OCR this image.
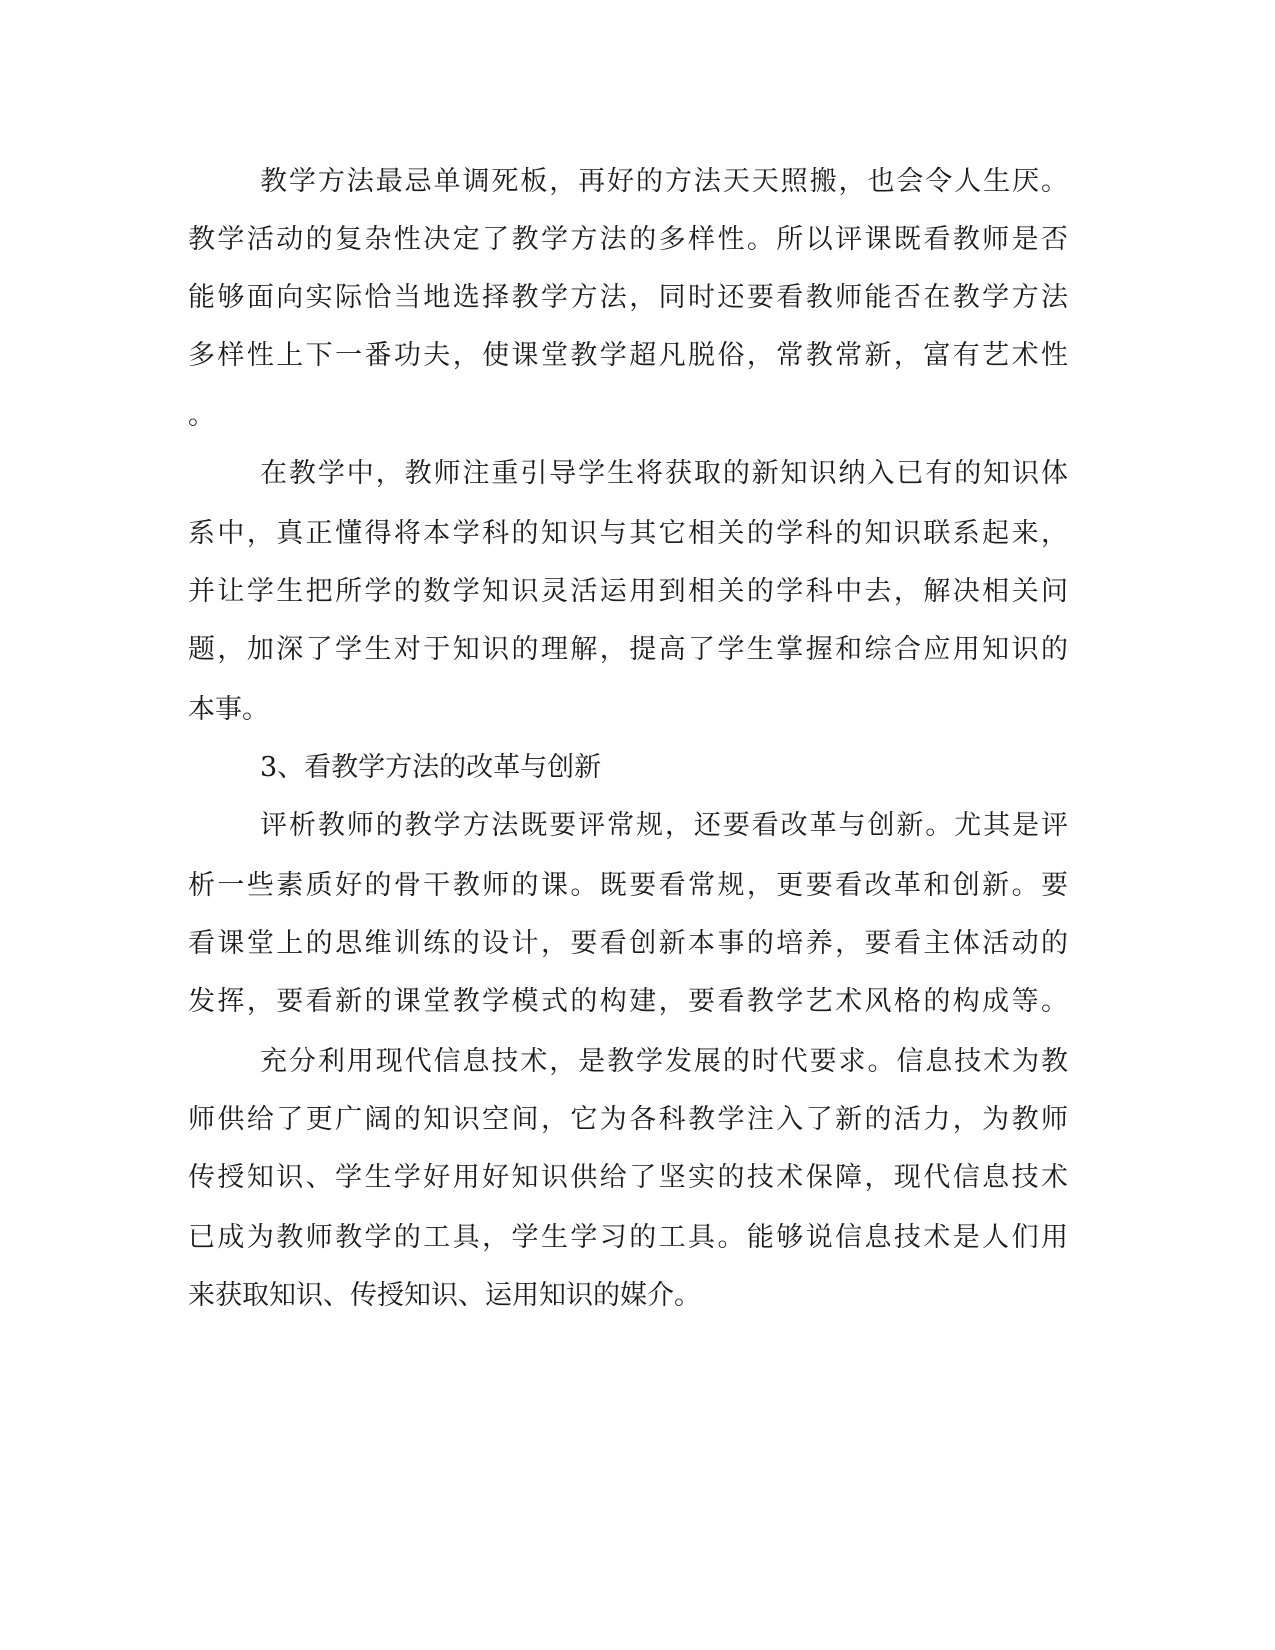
教学方法最忌单调死板，再好的方法天天照搬，也会令人生厌。

教学活动的复杂性决定了教学方法的多样性。所以评课既看教师是否

能够面向实际恰当地选择教学方法，同时还要看教师能否在教学方法

多样性上下一番功夫，使课堂教学超凡脱俗，常教常新，富有艺术性

。

在教学中，教师注重引导学生将获取的新知识纳入已有的知识体

系中，真正懂得将本学科的知识与其它相关的学科的知识联系起来，

并让学生把所学的数学知识灵活运用到相关的学科中去，解决相关问

题，加深了学生对于知识的理解，提高了学生掌握和综合应用知识的

本事。

3、看教学方法的改革与创新

评析教师的教学方法既要评常规，还要看改革与创新。尤其是评

析一些素质好的骨干教师的课。既要看常规，更要看改革和创新。要

看课堂上的思维训练的设计，要看创新本事的培养，要看主体活动的

发挥，要看新的课堂教学模式的构建，要看教学艺术风格的构成等。

充分利用现代信息技术，是教学发展的时代要求。信息技术为教

师供给了更广阔的知识空间，它为各科教学注入了新的活力，为教师

传授知识、学生学好用好知识供给了坚实的技术保障，现代信息技术

已成为教师教学的工具，学生学习的工具。能够说信息技术是人们用

来获取知识、传授知识、运用知识的媒介。
